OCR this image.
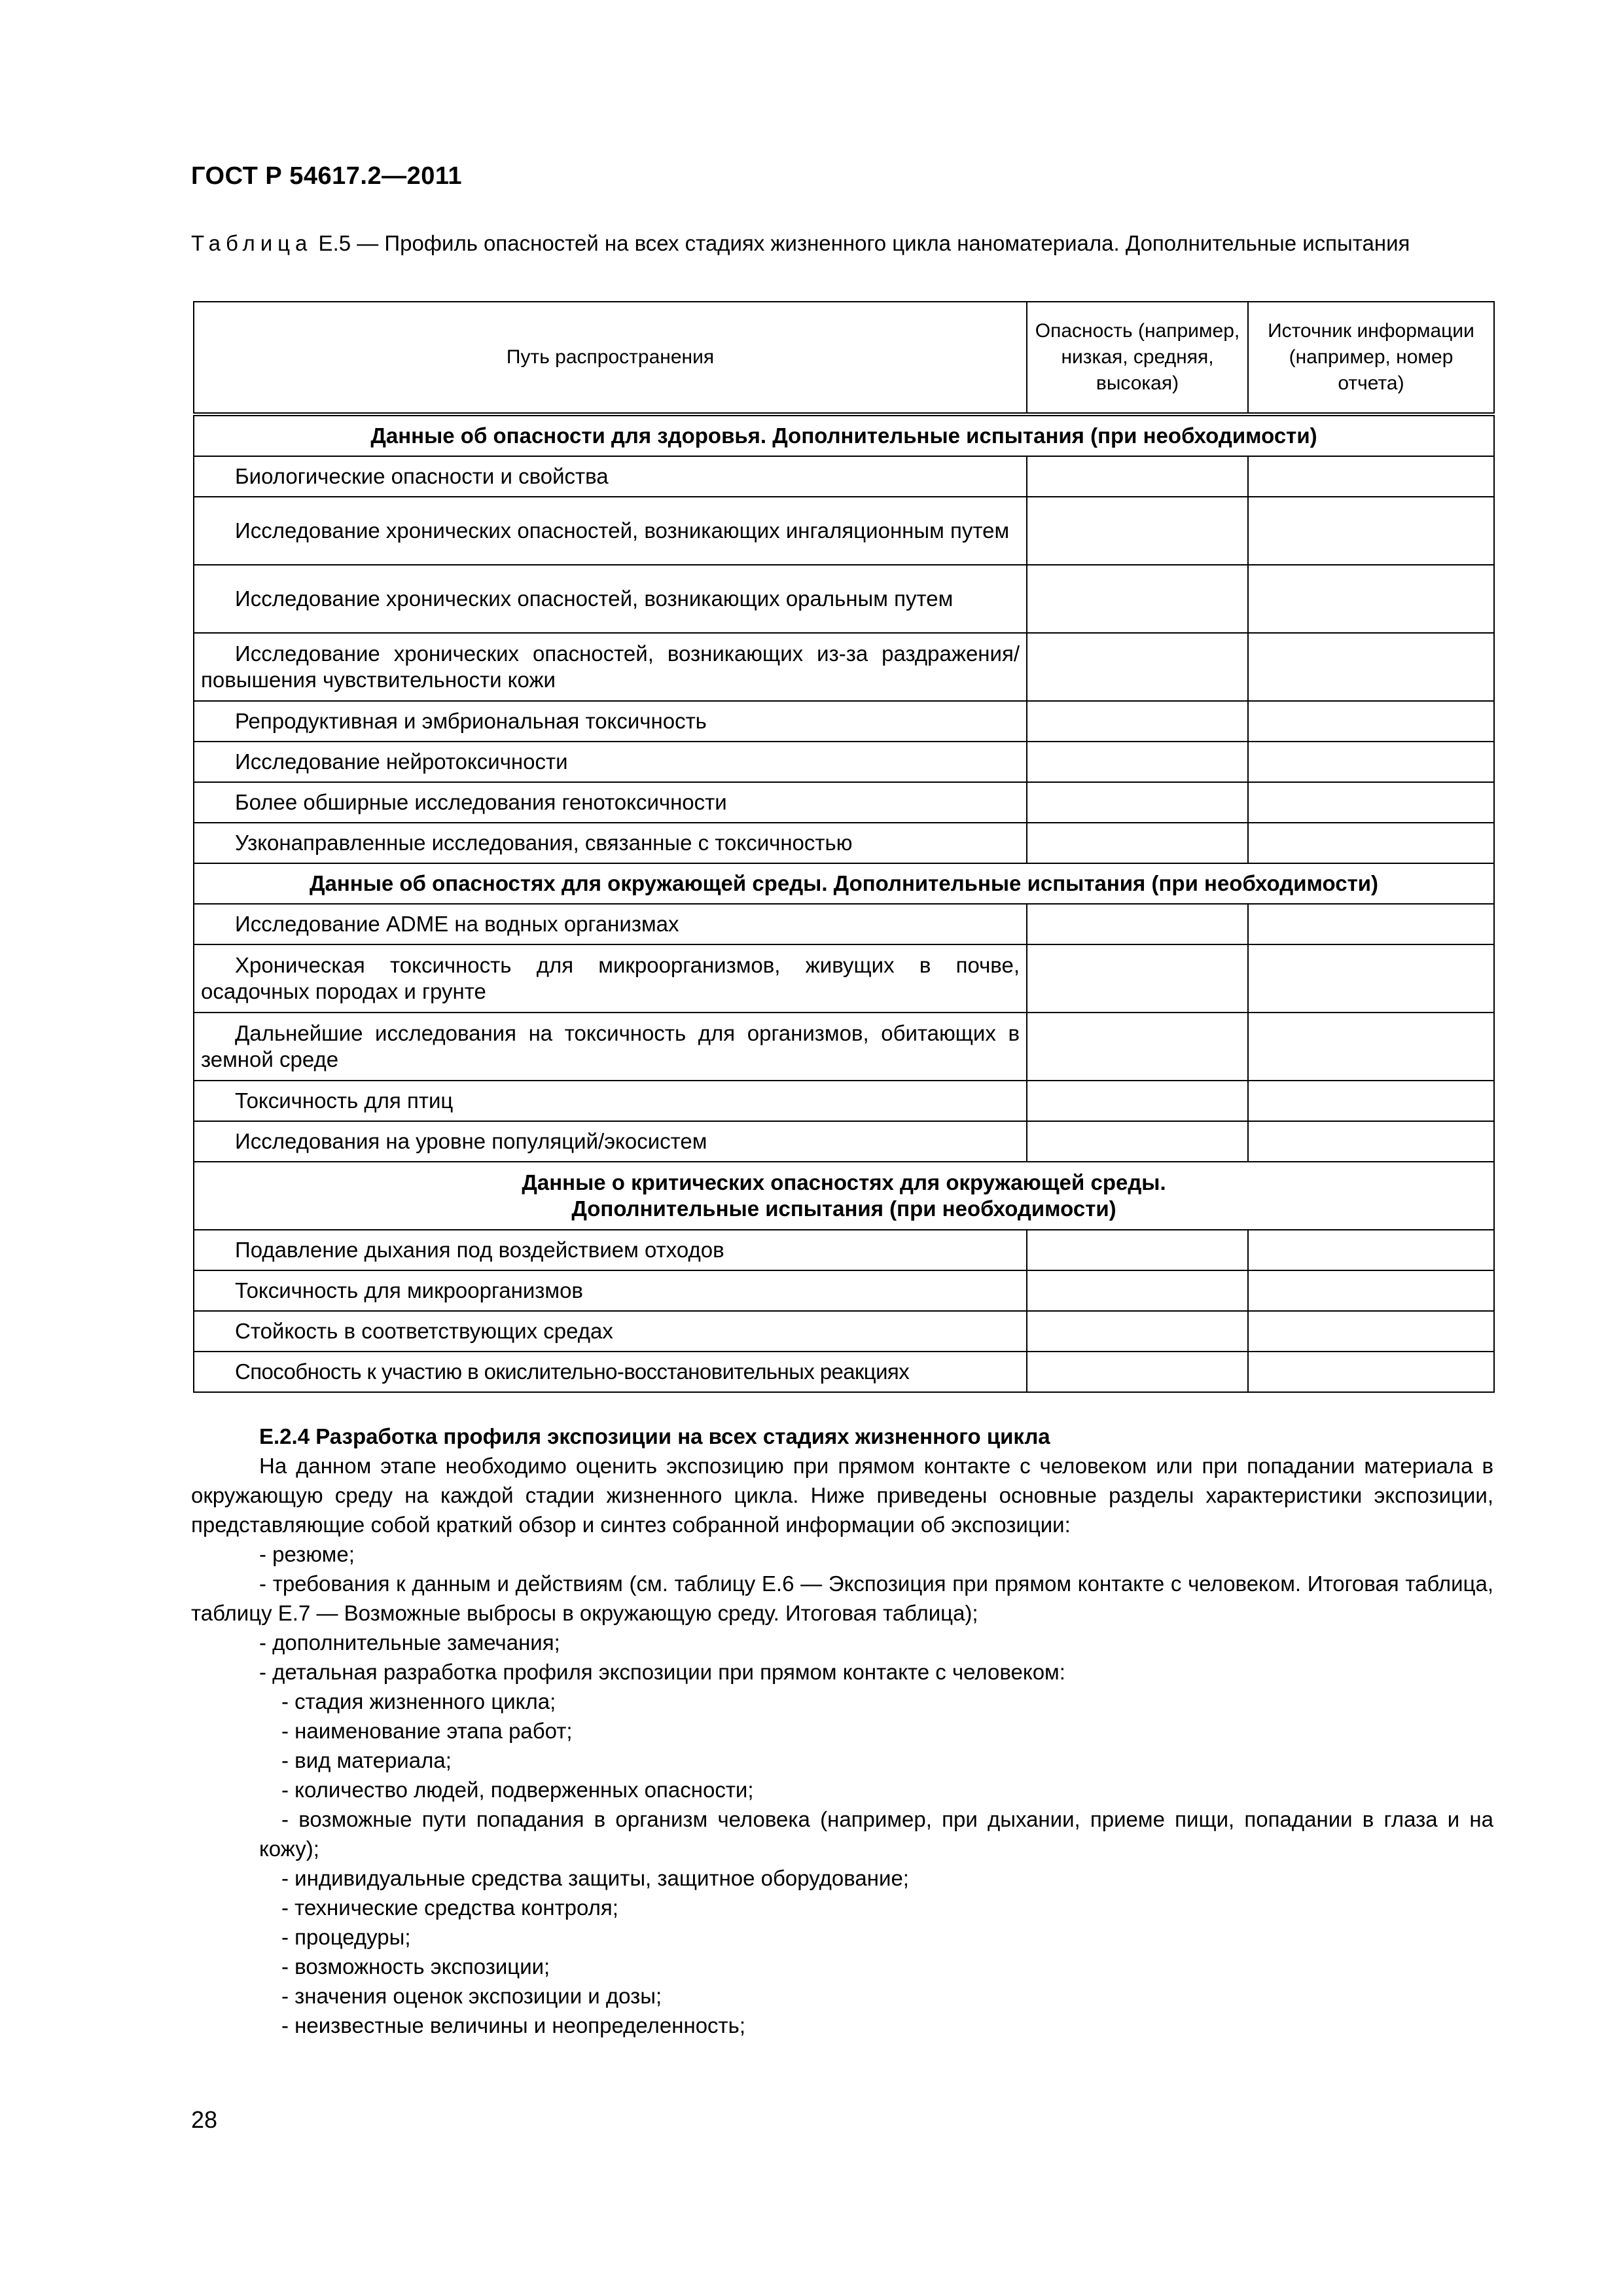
ГОСТ Р 54617.2—2011
Таблица Е.5 — Профиль опасностей на всех стадиях жизненного цикла наноматериала. Дополнительные испытания
Путь распространения	Опасность (например, низкая, средняя, высокая)	Источник информации (например, номер отчета)
Данные об опасности для здоровья. Дополнительные испытания (при необходимости)		
Биологические опасности и свойства		
Исследование хронических опасностей, возникающих ингаляционным путем		
Исследование хронических опасностей, возникающих оральным путем		
Исследование хронических опасностей, возникающих из-за раздражения/повышения чувствительности кожи		
Репродуктивная и эмбриональная токсичность		
Исследование нейротоксичности		
Более обширные исследования генотоксичности		
Узконаправленные исследования, связанные с токсичностью		
Данные об опасностях для окружающей среды. Дополнительные испытания (при необходимости)		
Исследование ADME на водных организмах		
Хроническая токсичность для микроорганизмов, живущих в почве, осадочных породах и грунте		
Дальнейшие исследования на токсичность для организмов, обитающих в земной среде		
Токсичность для птиц		
Исследования на уровне популяций/экосистем		
Данные о критических опасностях для окружающей среды.
Дополнительные испытания (при необходимости)		
Подавление дыхания под воздействием отходов		
Токсичность для микроорганизмов		
Стойкость в соответствующих средах		
Способность к участию в окислительно-восстановительных реакциях		

Е.2.4 Разработка профиля экспозиции на всех стадиях жизненного цикла

На данном этапе необходимо оценить экспозицию при прямом контакте с человеком или при попадании материала в окружающую среду на каждой стадии жизненного цикла. Ниже приведены основные разделы характеристики экспозиции, представляющие собой краткий обзор и синтез собранной информации об экспозиции:

- резюме;

- требования к данным и действиям (см. таблицу Е.6 — Экспозиция при прямом контакте с человеком. Итоговая таблица, таблицу Е.7 — Возможные выбросы в окружающую среду. Итоговая таблица);

- дополнительные замечания;

- детальная разработка профиля экспозиции при прямом контакте с человеком:

- стадия жизненного цикла;

- наименование этапа работ;

- вид материала;

- количество людей, подверженных опасности;

- возможные пути попадания в организм человека (например, при дыхании, приеме пищи, попадании в глаза и на кожу);

- индивидуальные средства защиты, защитное оборудование;

- технические средства контроля;

- процедуры;

- возможность экспозиции;

- значения оценок экспозиции и дозы;

- неизвестные величины и неопределенность;

28
